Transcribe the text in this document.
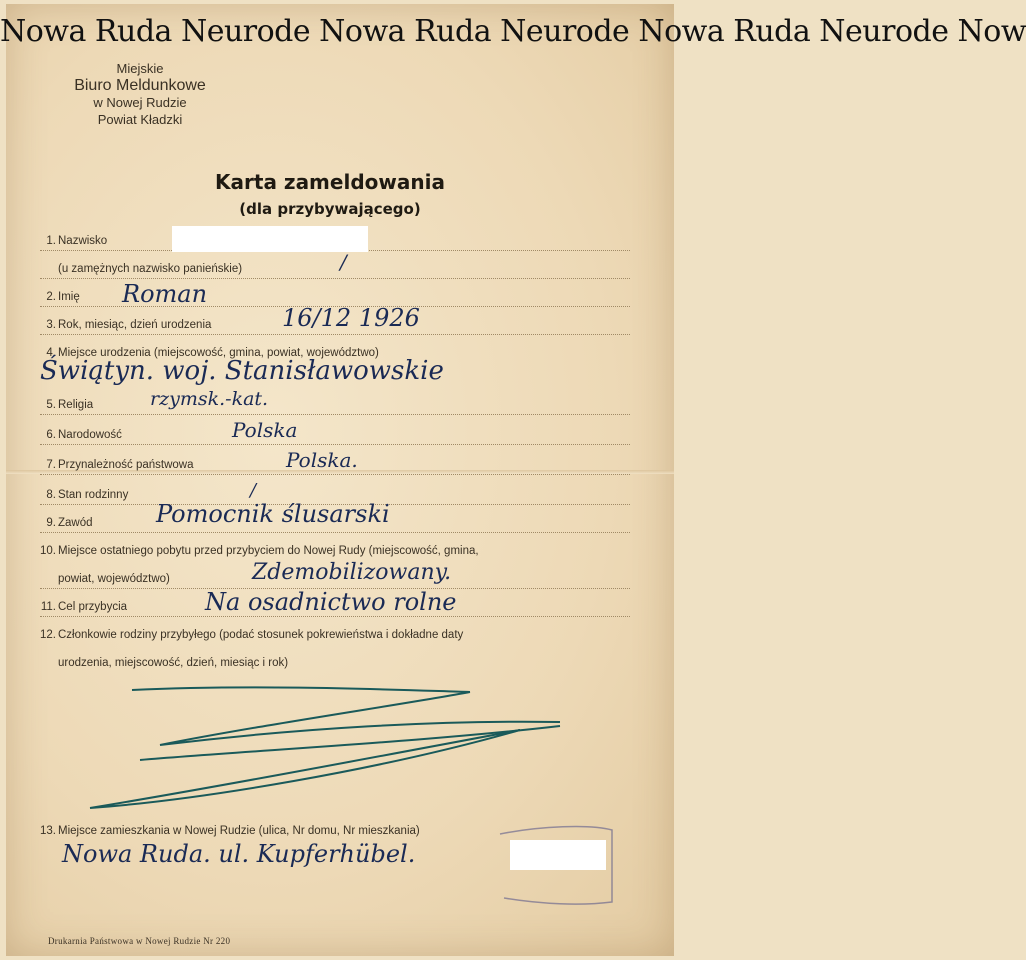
Nowa Ruda Neurode Nowa Ruda Neurode Nowa Ruda Neurode Now
Miejskie
Biuro Meldunkowe
w Nowej Rudzie
Powiat Kładzki
Karta zameldowania
(dla przybywającego)
1. Nazwisko
(u zamężnych nazwisko panieńskie)
2. Imię
3. Rok, miesiąc, dzień urodzenia
4. Miejsce urodzenia (miejscowość, gmina, powiat, województwo)
5. Religia
6. Narodowość
7. Przynależność państwowa
8. Stan rodzinny
9. Zawód
10. Miejsce ostatniego pobytu przed przybyciem do Nowej Rudy (miejscowość, gmina,
powiat, województwo)
11. Cel przybycia
12. Członkowie rodziny przybyłego (podać stosunek pokrewieństwa i dokładne daty
urodzenia, miejscowość, dzień, miesiąc i rok)
13. Miejsce zamieszkania w Nowej Rudzie (ulica, Nr domu, Nr mieszkania)
/
Roman
16/12 1926
Świątyn. woj. Stanisławowskie
rzymsk.-kat.
Polska
Polska.
/
Pomocnik ślusarski
Zdemobilizowany.
Na osadnictwo rolne
Nowa Ruda. ul. Kupferhübel.
Drukarnia Państwowa w Nowej Rudzie Nr 220
